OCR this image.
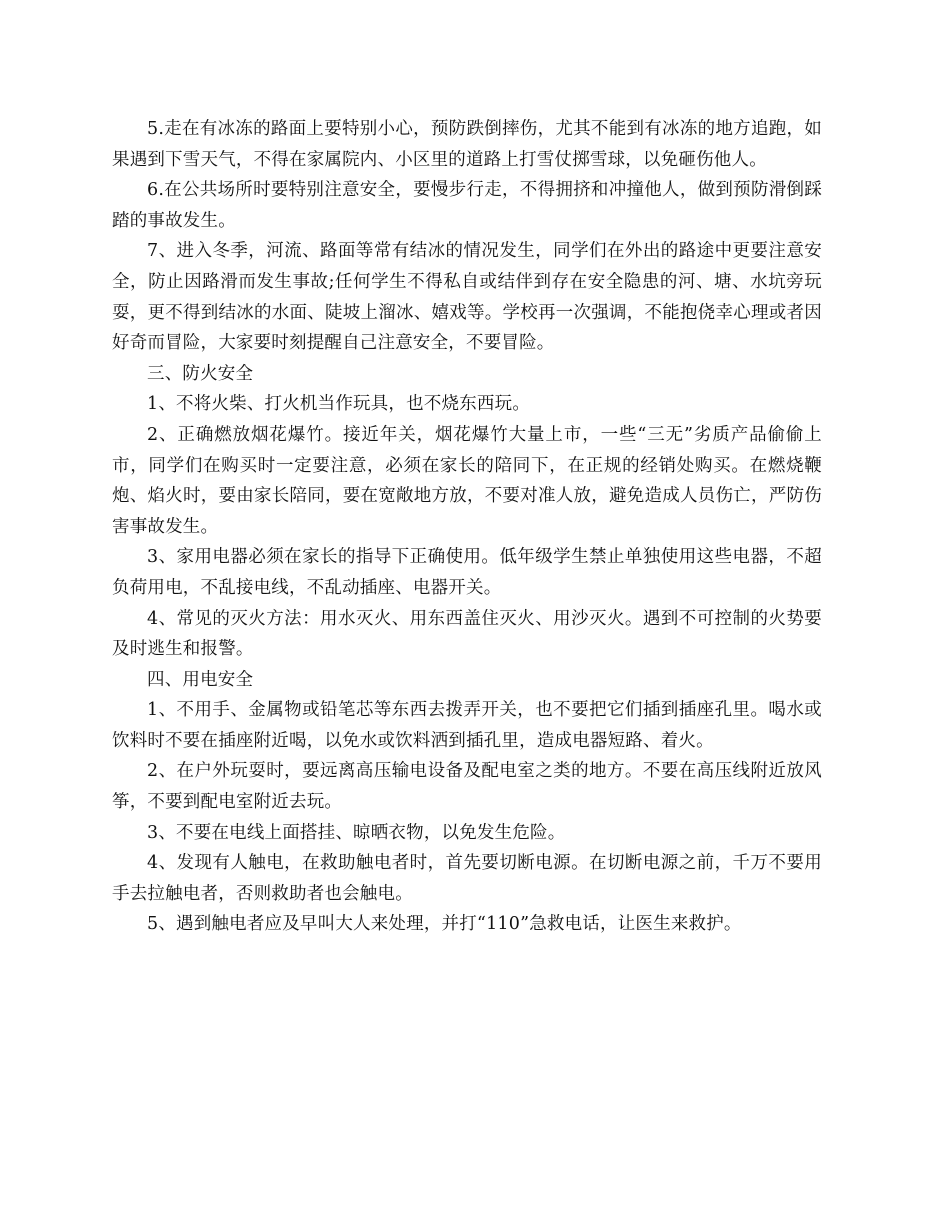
5.走在有冰冻的路面上要特别小心，预防跌倒摔伤，尤其不能到有冰冻的地方追跑，如果遇到下雪天气，不得在家属院内、小区里的道路上打雪仗掷雪球，以免砸伤他人。

6.在公共场所时要特别注意安全，要慢步行走，不得拥挤和冲撞他人，做到预防滑倒踩踏的事故发生。

7、进入冬季，河流、路面等常有结冰的情况发生，同学们在外出的路途中更要注意安全，防止因路滑而发生事故;任何学生不得私自或结伴到存在安全隐患的河、塘、水坑旁玩耍，更不得到结冰的水面、陡坡上溜冰、嬉戏等。学校再一次强调，不能抱侥幸心理或者因好奇而冒险，大家要时刻提醒自己注意安全，不要冒险。

三、防火安全

1、不将火柴、打火机当作玩具，也不烧东西玩。

2、正确燃放烟花爆竹。接近年关，烟花爆竹大量上市，一些“三无”劣质产品偷偷上市，同学们在购买时一定要注意，必须在家长的陪同下，在正规的经销处购买。在燃烧鞭炮、焰火时，要由家长陪同，要在宽敞地方放，不要对准人放，避免造成人员伤亡，严防伤害事故发生。

3、家用电器必须在家长的指导下正确使用。低年级学生禁止单独使用这些电器，不超负荷用电，不乱接电线，不乱动插座、电器开关。

4、常见的灭火方法：用水灭火、用东西盖住灭火、用沙灭火。遇到不可控制的火势要及时逃生和报警。

四、用电安全

1、不用手、金属物或铅笔芯等东西去拨弄开关，也不要把它们插到插座孔里。喝水或饮料时不要在插座附近喝，以免水或饮料洒到插孔里，造成电器短路、着火。

2、在户外玩耍时，要远离高压输电设备及配电室之类的地方。不要在高压线附近放风筝，不要到配电室附近去玩。

3、不要在电线上面搭挂、晾晒衣物，以免发生危险。

4、发现有人触电，在救助触电者时，首先要切断电源。在切断电源之前，千万不要用手去拉触电者，否则救助者也会触电。

5、遇到触电者应及早叫大人来处理，并打“110”急救电话，让医生来救护。
